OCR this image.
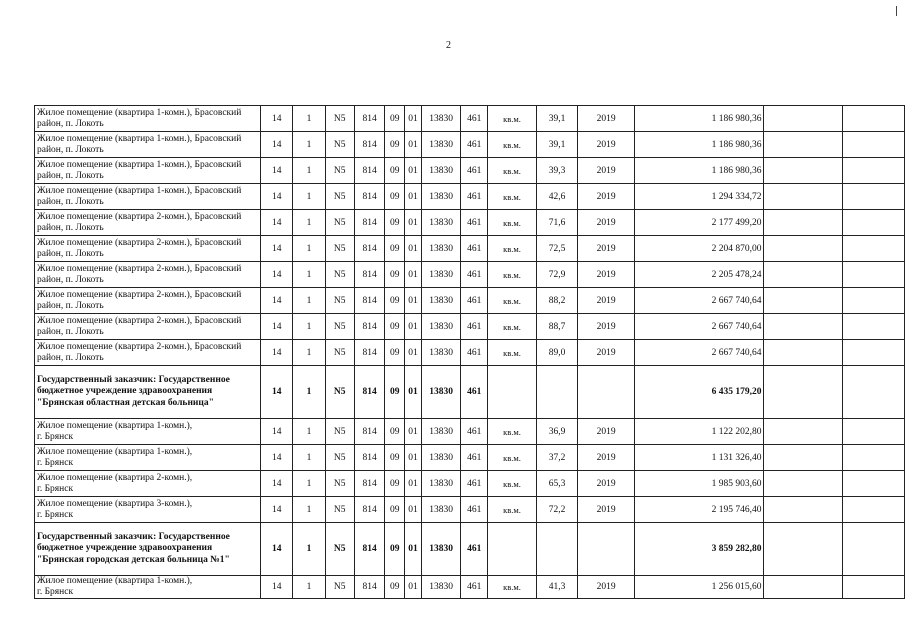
2
Жилое помещение (квартира 1-комн.), Брасовский
район, п. Локоть	14	1	N5	814	09	01	13830	461	кв.м.	39,1	2019	1 186 980,36		
Жилое помещение (квартира 1-комн.), Брасовский
район, п. Локоть	14	1	N5	814	09	01	13830	461	кв.м.	39,1	2019	1 186 980,36		
Жилое помещение (квартира 1-комн.), Брасовский
район, п. Локоть	14	1	N5	814	09	01	13830	461	кв.м.	39,3	2019	1 186 980,36		
Жилое помещение (квартира 1-комн.), Брасовский
район, п. Локоть	14	1	N5	814	09	01	13830	461	кв.м.	42,6	2019	1 294 334,72		
Жилое помещение (квартира 2-комн.), Брасовский
район, п. Локоть	14	1	N5	814	09	01	13830	461	кв.м.	71,6	2019	2 177 499,20		
Жилое помещение (квартира 2-комн.), Брасовский
район, п. Локоть	14	1	N5	814	09	01	13830	461	кв.м.	72,5	2019	2 204 870,00		
Жилое помещение (квартира 2-комн.), Брасовский
район, п. Локоть	14	1	N5	814	09	01	13830	461	кв.м.	72,9	2019	2 205 478,24		
Жилое помещение (квартира 2-комн.), Брасовский
район, п. Локоть	14	1	N5	814	09	01	13830	461	кв.м.	88,2	2019	2 667 740,64		
Жилое помещение (квартира 2-комн.), Брасовский
район, п. Локоть	14	1	N5	814	09	01	13830	461	кв.м.	88,7	2019	2 667 740,64		
Жилое помещение (квартира 2-комн.), Брасовский
район, п. Локоть	14	1	N5	814	09	01	13830	461	кв.м.	89,0	2019	2 667 740,64		
Государственный заказчик: Государственное
бюджетное учреждение здравоохранения
"Брянская областная детская больница"	14	1	N5	814	09	01	13830	461				6 435 179,20		
Жилое помещение (квартира 1-комн.),
г. Брянск	14	1	N5	814	09	01	13830	461	кв.м.	36,9	2019	1 122 202,80		
Жилое помещение (квартира 1-комн.),
г. Брянск	14	1	N5	814	09	01	13830	461	кв.м.	37,2	2019	1 131 326,40		
Жилое помещение (квартира 2-комн.),
г. Брянск	14	1	N5	814	09	01	13830	461	кв.м.	65,3	2019	1 985 903,60		
Жилое помещение (квартира 3-комн.),
г. Брянск	14	1	N5	814	09	01	13830	461	кв.м.	72,2	2019	2 195 746,40		
Государственный заказчик: Государственное
бюджетное учреждение здравоохранения
"Брянская городская детская больница №1"	14	1	N5	814	09	01	13830	461				3 859 282,80		
Жилое помещение (квартира 1-комн.),
г. Брянск	14	1	N5	814	09	01	13830	461	кв.м.	41,3	2019	1 256 015,60		
